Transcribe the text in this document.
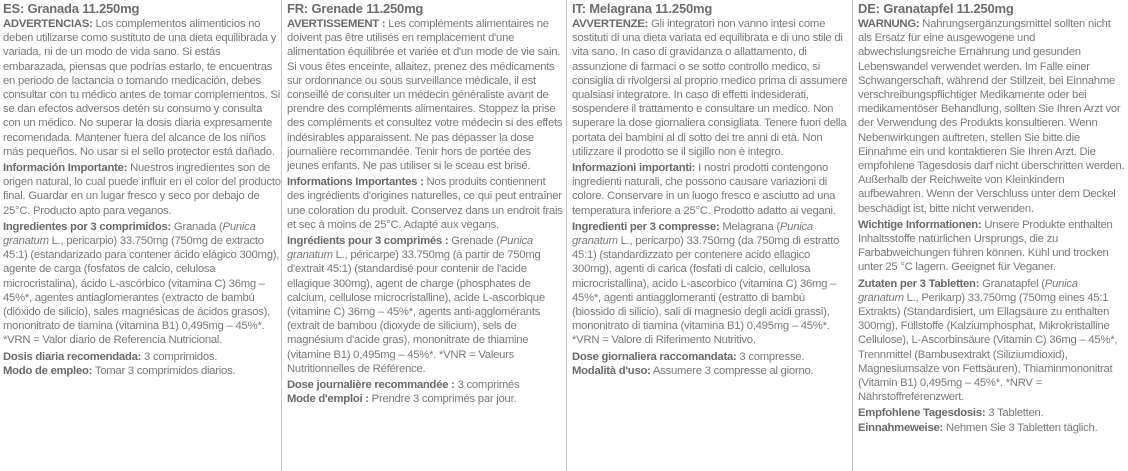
ES: Granada 11.250mg

ADVERTENCIAS: Los complementos alimenticios no deben utilizarse como sustituto de una dieta equilibrada y variada, ni de un modo de vida sano. Si estás embarazada, piensas que podrías estarlo, te encuentras en periodo de lactancia o tomando medicación, debes consultar con tu médico antes de tomar complementos. Si se dan efectos adversos detén su consumo y consulta con un médico. No superar la dosis diaria expresamente recomendada. Mantener fuera del alcance de los niños más pequeños. No usar si el sello protector está dañado.

Información Importante: Nuestros ingredientes son de origen natural, lo cual puede influir en el color del producto final. Guardar en un lugar fresco y seco por debajo de 25°C. Producto apto para veganos.

Ingredientes por 3 comprimidos: Granada (Punica granatum L., pericarpio) 33.750mg (750mg de extracto 45:1) (estandarizado para contener ácido elágico 300mg), agente de carga (fosfatos de calcio, celulosa microcristalina), ácido L-ascórbico (vitamina C) 36mg – 45%*, agentes antiaglomerantes (extracto de bambú (dióxido de silicio), sales magnésicas de ácidos grasos), mononitrato de tiamina (vitamina B1) 0,495mg – 45%*. *VRN = Valor diario de Referencia Nutricional.

Dosis diaria recomendada: 3 comprimidos.
Modo de empleo: Tomar 3 comprimidos diarios.

FR: Grenade 11.250mg

AVERTISSEMENT : Les compléments alimentaires ne doivent pas être utilisés en remplacement d'une alimentation équilibrée et variée et d'un mode de vie sain. Si vous êtes enceinte, allaitez, prenez des médicaments sur ordonnance ou sous surveillance médicale, il est conseillé de consulter un médecin généraliste avant de prendre des compléments alimentaires. Stoppez la prise des compléments et consultez votre médecin si des effets indésirables apparaissent. Ne pas dépasser la dose journalière recommandée. Tenir hors de portée des jeunes enfants. Ne pas utiliser si le sceau est brisé.

Informations Importantes : Nos produits contiennent des ingrédients d'origines naturelles, ce qui peut entraîner une coloration du produit. Conservez dans un endroit frais et sec à moins de 25°C. Adapté aux vegans.

Ingrédients pour 3 comprimés : Grenade (Punica granatum L., péricarpe) 33.750mg (à partir de 750mg d'extrait 45:1) (standardisé pour contenir de l'acide ellagique 300mg), agent de charge (phosphates de calcium, cellulose microcristalline), acide L-ascorbique (vitamine C) 36mg – 45%*, agents anti-agglomérants (extrait de bambou (dioxyde de silicium), sels de magnésium d'acide gras), mononitrate de thiamine (vitamine B1) 0,495mg – 45%*. *VNR = Valeurs Nutritionnelles de Référence.

Dose journalière recommandée : 3 comprimés
Mode d'emploi : Prendre 3 comprimés par jour.

IT: Melagrana 11.250mg

AVVERTENZE: Gli integratori non vanno intesi come sostituti di una dieta variata ed equilibrata e di uno stile di vita sano. In caso di gravidanza o allattamento, di assunzione di farmaci o se sotto controllo medico, si consiglia di rivolgersi al proprio medico prima di assumere qualsiasi integratore. In caso di effetti indesiderati, sospendere il trattamento e consultare un medico. Non superare la dose giornaliera consigliata. Tenere fuori della portata dei bambini al di sotto dei tre anni di età. Non utilizzare il prodotto se il sigillo non è integro.

Informazioni importanti: I nostri prodotti contengono ingredienti naturali, che possono causare variazioni di colore. Conservare in un luogo fresco e asciutto ad una temperatura inferiore a 25°C. Prodotto adatto ai vegani.

Ingredienti per 3 compresse: Melagrana (Punica granatum L., pericarpo) 33.750mg (da 750mg di estratto 45:1) (standardizzato per contenere acido ellagico 300mg), agenti di carica (fosfati di calcio, cellulosa microcristallina), acido L-ascorbico (vitamina C) 36mg – 45%*, agenti antiagglomeranti (estratto di bambù (biossido di silicio), sali di magnesio degli acidi grassi), mononitrato di tiamina (vitamina B1) 0,495mg – 45%*. *VRN = Valore di Riferimento Nutritivo.

Dose giornaliera raccomandata: 3 compresse.
Modalità d'uso: Assumere 3 compresse al giorno.

DE: Granatapfel 11.250mg

WARNUNG: Nahrungsergänzungsmittel sollten nicht als Ersatz für eine ausgewogene und abwechslungsreiche Ernährung und gesunden Lebenswandel verwendet werden. Im Falle einer Schwangerschaft, während der Stillzeit, bei Einnahme verschreibungspflichtiger Medikamente oder bei medikamentöser Behandlung, sollten Sie Ihren Arzt vor der Verwendung des Produkts konsultieren. Wenn Nebenwirkungen auftreten, stellen Sie bitte die Einnahme ein und kontaktieren Sie Ihren Arzt. Die empfohlene Tagesdosis darf nicht überschritten werden. Außerhalb der Reichweite von Kleinkindern aufbewahren. Wenn der Verschluss unter dem Deckel beschädigt ist, bitte nicht verwenden.

Wichtige Informationen: Unsere Produkte enthalten Inhaltsstoffe natürlichen Ursprungs, die zu Farbabweichungen führen können. Kühl und trocken unter 25 °C lagern. Geeignet für Veganer.

Zutaten per 3 Tabletten: Granatapfel (Punica granatum L., Perikarp) 33.750mg (750mg eines 45:1 Extrakts) (Standardisiert, um Ellagsäure zu enthalten 300mg), Füllstoffe (Kalziumphosphat, Mikrokristalline Cellulose), L-Ascorbinsäure (Vitamin C) 36mg – 45%*, Trennmittel (Bambusextrakt (Siliziumdioxid), Magnesiumsalze von Fettsäuren), Thiaminmononitrat (Vitamin B1) 0,495mg – 45%*. *NRV = Nährstoffreferenzwert.

Empfohlene Tagesdosis: 3 Tabletten.
Einnahmeweise: Nehmen Sie 3 Tabletten täglich.
